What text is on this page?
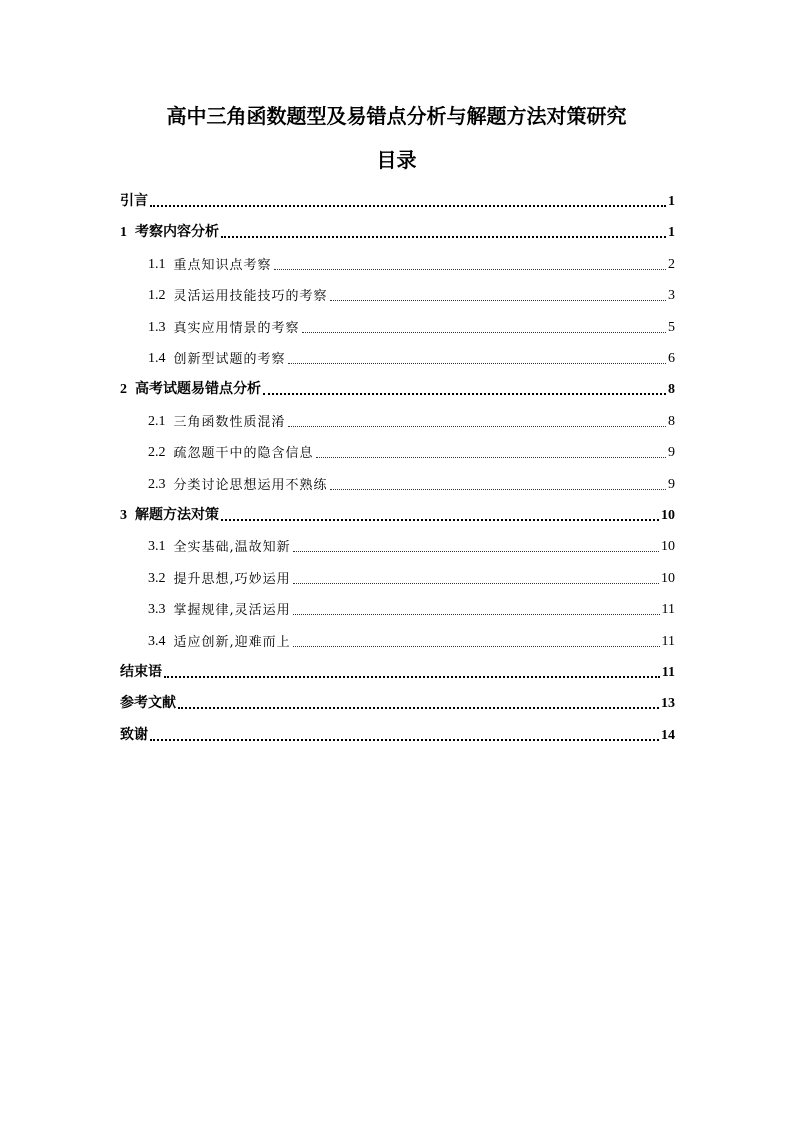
高中三角函数题型及易错点分析与解题方法对策研究
目录
引言	1
1 考察内容分析	1
1.1 重点知识点考察	2
1.2 灵活运用技能技巧的考察	3
1.3 真实应用情景的考察	5
1.4 创新型试题的考察	6
2 高考试题易错点分析	8
2.1 三角函数性质混淆	8
2.2 疏忽题干中的隐含信息	9
2.3 分类讨论思想运用不熟练	9
3 解题方法对策	10
3.1 全实基础,温故知新	10
3.2 提升思想,巧妙运用	10
3.3 掌握规律,灵活运用	11
3.4 适应创新,迎难而上	11
结束语	11
参考文献	13
致谢	14
